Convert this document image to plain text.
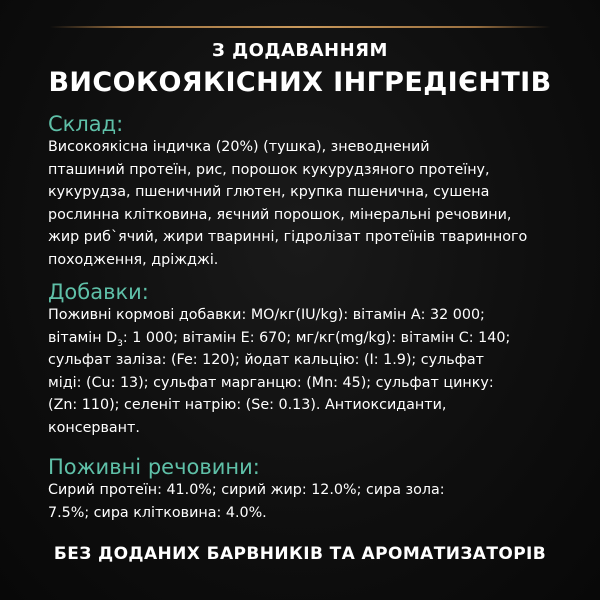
З ДОДАВАННЯМ
ВИСОКОЯКІСНИХ ІНГРЕДІЄНТІВ
Склад:
Високоякісна індичка (20%) (тушка), зневоднений
пташиний протеїн, рис, порошок кукурудзяного протеїну,
кукурудза, пшеничний глютен, крупка пшенична, сушена
рослинна клітковина, яєчний порошок, мінеральні речовини,
жир риб`ячий, жири тваринні, гідролізат протеїнів тваринного
походження, дріжджі.
Добавки:
Поживні кормові добавки: МО/кг(IU/kg): вітамін А: 32 000;
вітамін $D_3$: 1 000; вітамін Е: 670; мг/кг(mg/kg): вітамін С: 140;
сульфат заліза: (Fe: 120); йодат кальцію: (I: 1.9); сульфат
міді: (Cu: 13); сульфат марганцю: (Mn: 45); сульфат цинку:
(Zn: 110); селеніт натрію: (Se: 0.13). Антиоксиданти,
консервант.
Поживні речовини:
Сирий протеїн: 41.0%; сирий жир: 12.0%; сира зола:
7.5%; сира клітковина: 4.0%.
БЕЗ ДОДАНИХ БАРВНИКІВ ТА АРОМАТИЗАТОРІВ
